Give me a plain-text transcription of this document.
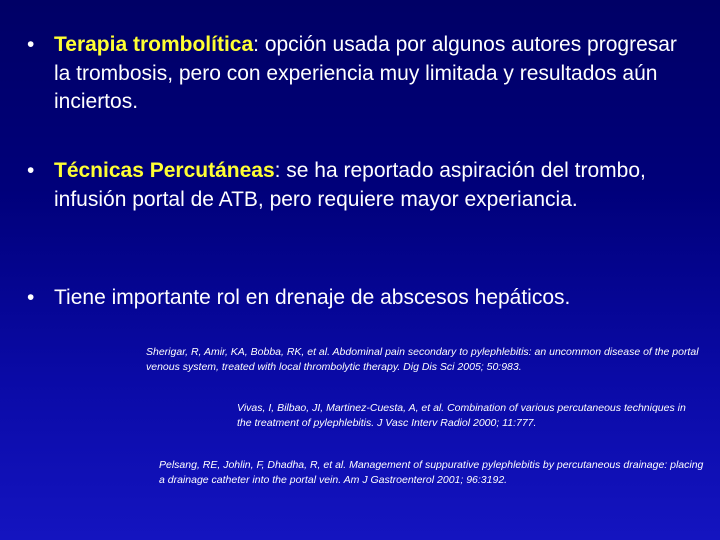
• Terapia trombolítica: opción usada por algunos autores progresar la trombosis, pero con experiencia muy limitada y resultados aún inciertos.
• Técnicas Percutáneas: se ha reportado aspiración del trombo, infusión portal de ATB, pero requiere mayor experiancia.
• Tiene importante rol en drenaje de abscesos hepáticos.
Sherigar, R, Amir, KA, Bobba, RK, et al. Abdominal pain secondary to pylephlebitis: an uncommon disease of the portal venous system, treated with local thrombolytic therapy. Dig Dis Sci 2005; 50:983.
Vivas, I, Bilbao, JI, Martinez-Cuesta, A, et al. Combination of various percutaneous techniques in the treatment of pylephlebitis. J Vasc Interv Radiol 2000; 11:777.
Pelsang, RE, Johlin, F, Dhadha, R, et al. Management of suppurative pylephlebitis by percutaneous drainage: placing a drainage catheter into the portal vein. Am J Gastroenterol 2001; 96:3192.
